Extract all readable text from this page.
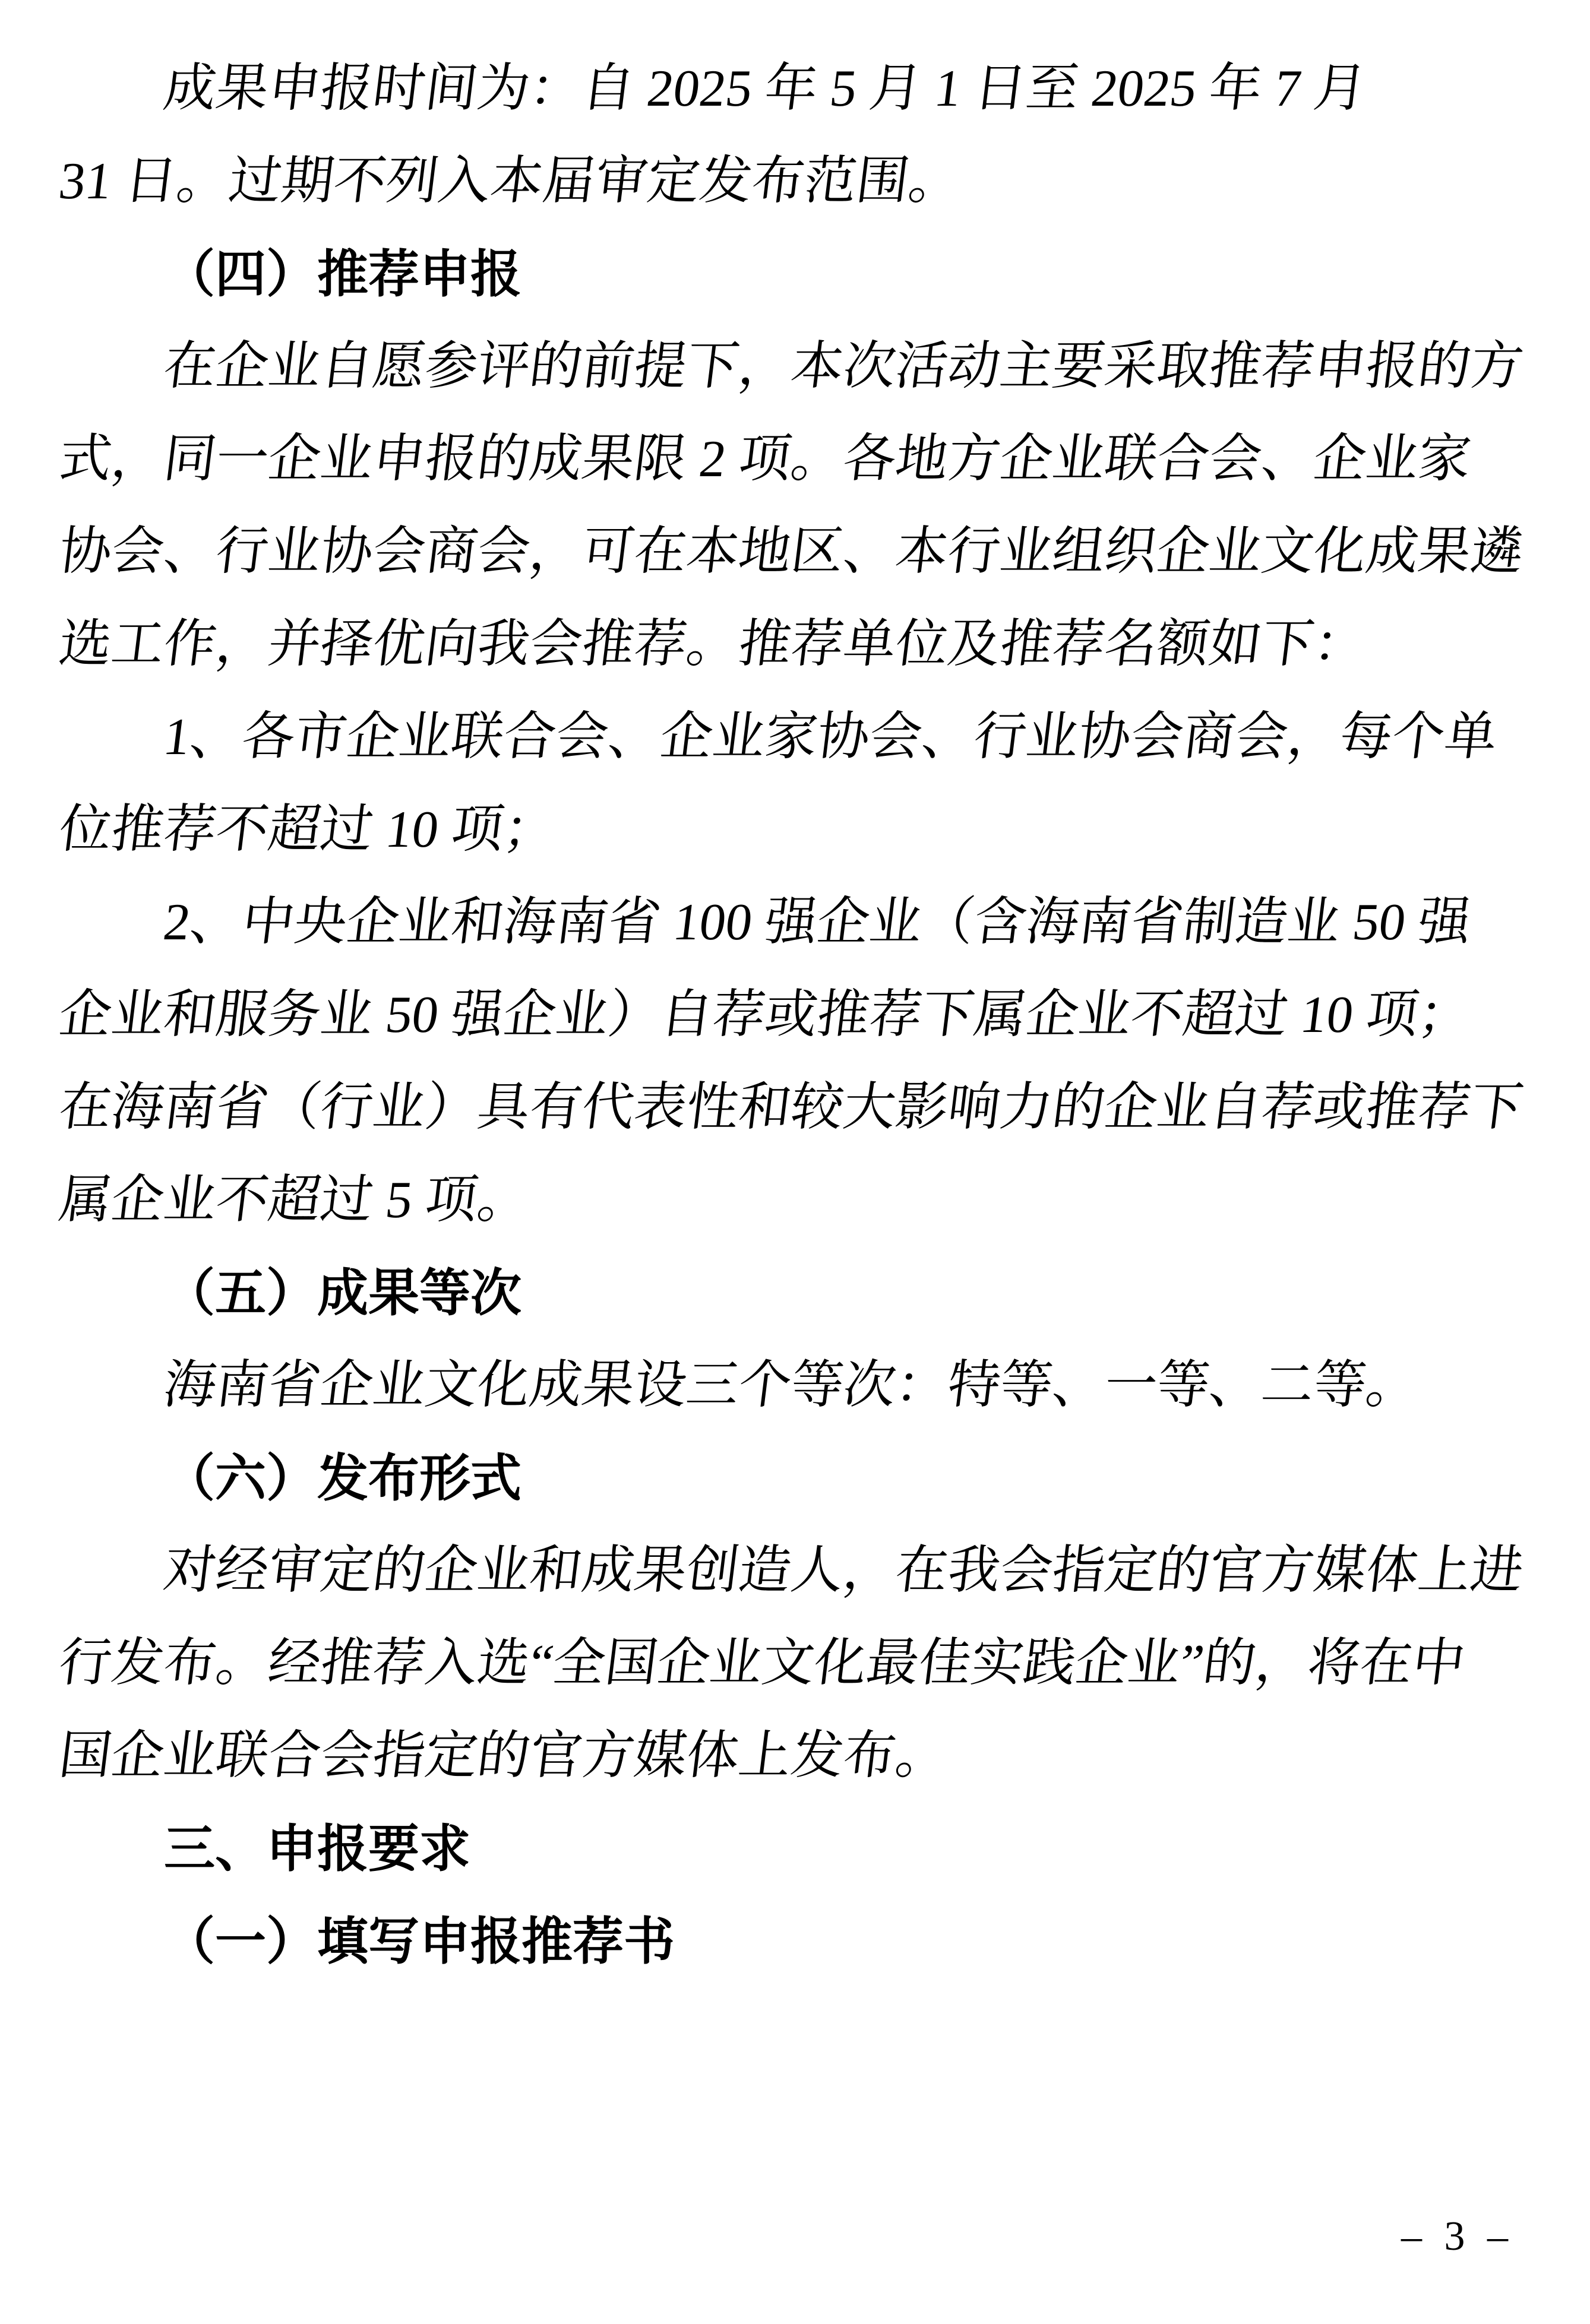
成果申报时间为：自 2025 年 5 月 1 日至 2025 年 7 月
31 日。过期不列入本届审定发布范围。
（四）推荐申报
在企业自愿参评的前提下，本次活动主要采取推荐申报的方
式，同一企业申报的成果限 2 项。各地方企业联合会、企业家
协会、行业协会商会，可在本地区、本行业组织企业文化成果遴
选工作，并择优向我会推荐。推荐单位及推荐名额如下：
1、各市企业联合会、企业家协会、行业协会商会，每个单
位推荐不超过 10 项；
2、中央企业和海南省 100 强企业（含海南省制造业 50 强
企业和服务业 50 强企业）自荐或推荐下属企业不超过 10 项；
在海南省（行业）具有代表性和较大影响力的企业自荐或推荐下
属企业不超过 5 项。
（五）成果等次
海南省企业文化成果设三个等次：特等、一等、二等。
（六）发布形式
对经审定的企业和成果创造人，在我会指定的官方媒体上进
行发布。经推荐入选“全国企业文化最佳实践企业”的，将在中
国企业联合会指定的官方媒体上发布。
三、申报要求
（一）填写申报推荐书
– 3 –
